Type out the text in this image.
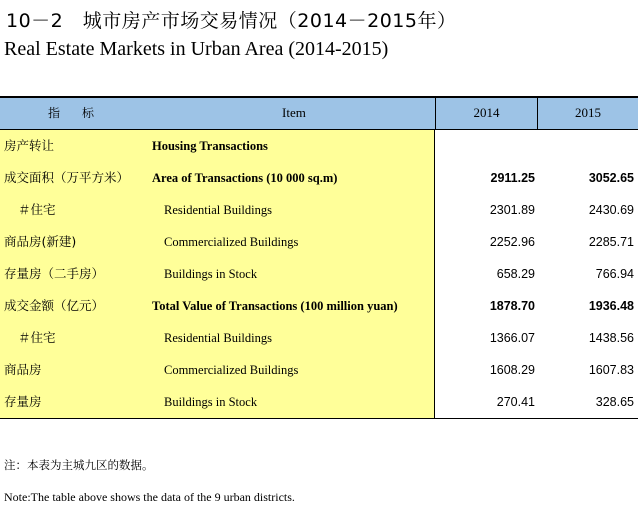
10－2　城市房产市场交易情况（2014－2015年）
Real Estate Markets in Urban Area (2014-2015)
指标	Item	2014	2015
房产转让	Housing Transactions
成交面积（万平方米） Area of Transactions (10 000 sq.m)	2911.25	3052.65
＃住宅	Residential Buildings	2301.89	2430.69
商品房(新建)	Commercialized Buildings	2252.96	2285.71
存量房（二手房）	Buildings in Stock	658.29	766.94
成交金额（亿元）	Total Value of Transactions (100 million yuan)	1878.70	1936.48
＃住宅	Residential Buildings	1366.07	1438.56
商品房	Commercialized Buildings	1608.29	1607.83
存量房	Buildings in Stock	270.41	328.65
注：本表为主城九区的数据。
Note:The table above shows the data of the 9 urban districts.
